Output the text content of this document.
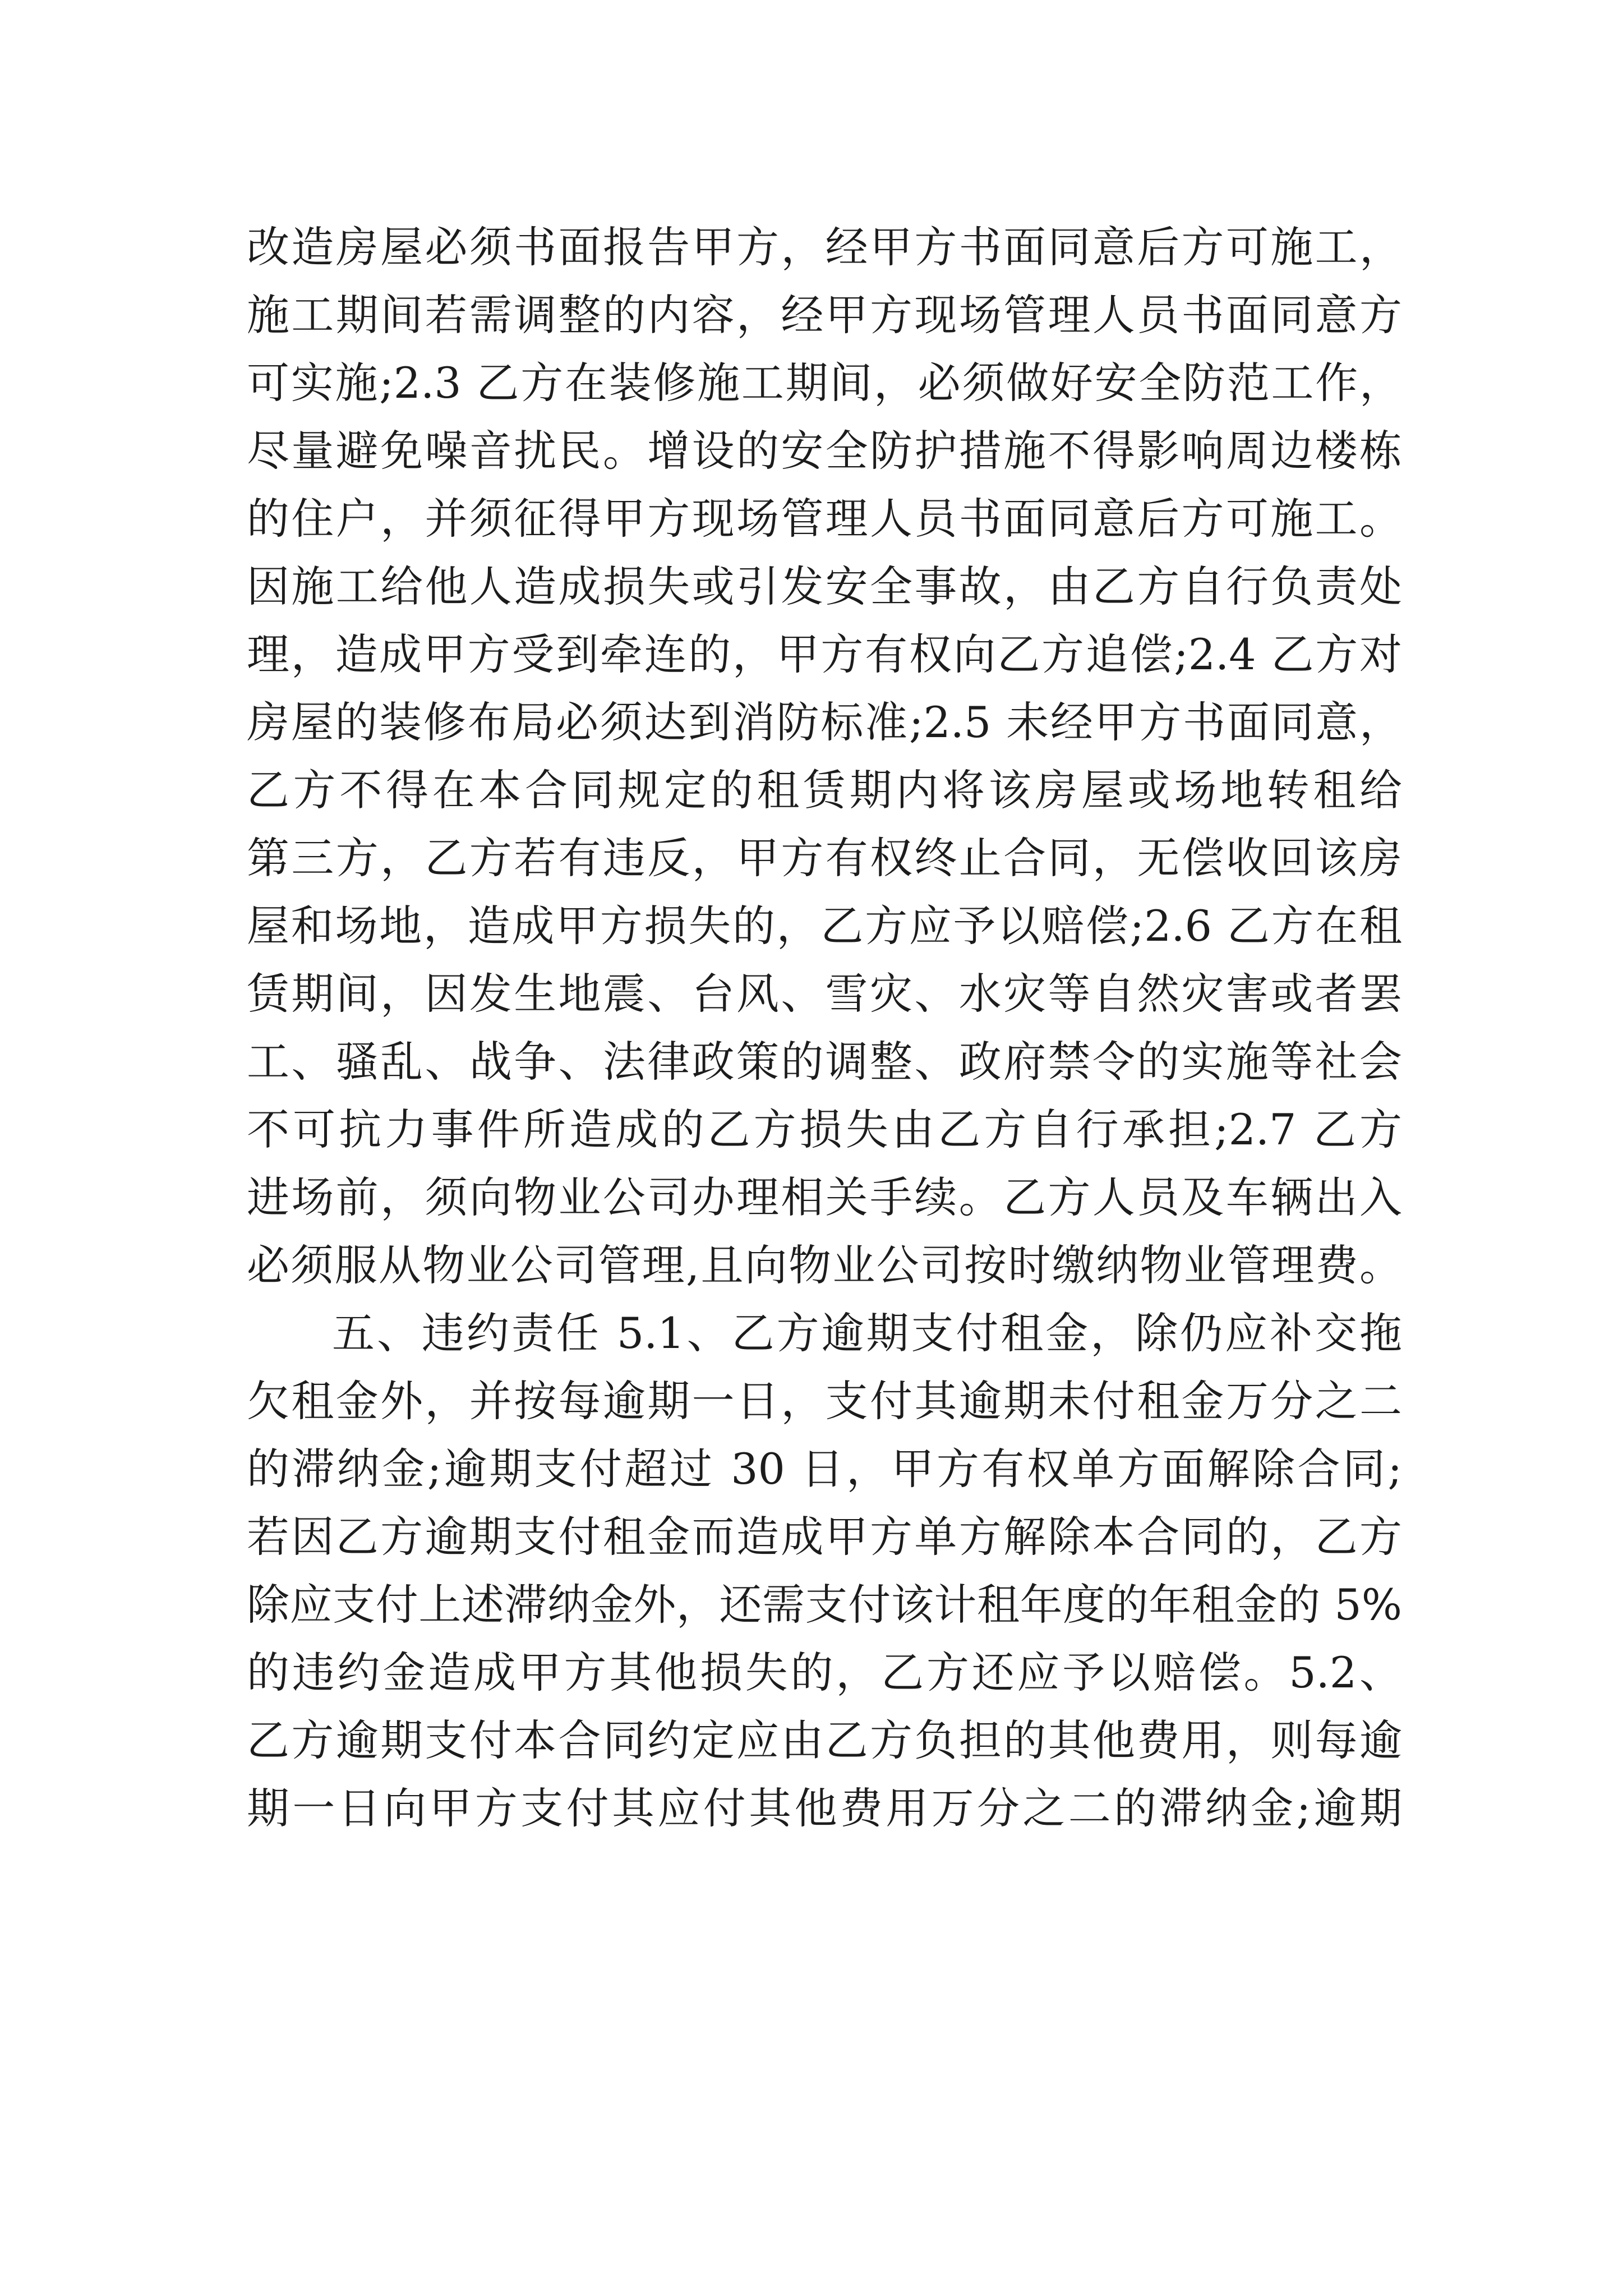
改造房屋必须书面报告甲方，经甲方书面同意后方可施工，
施工期间若需调整的内容，经甲方现场管理人员书面同意方
可实施;2.3 乙方在装修施工期间，必须做好安全防范工作，
尽量避免噪音扰民。增设的安全防护措施不得影响周边楼栋
的住户，并须征得甲方现场管理人员书面同意后方可施工。
因施工给他人造成损失或引发安全事故，由乙方自行负责处
理，造成甲方受到牵连的，甲方有权向乙方追偿;2.4 乙方对
房屋的装修布局必须达到消防标准;2.5 未经甲方书面同意，
乙方不得在本合同规定的租赁期内将该房屋或场地转租给
第三方，乙方若有违反，甲方有权终止合同，无偿收回该房
屋和场地，造成甲方损失的，乙方应予以赔偿;2.6 乙方在租
赁期间，因发生地震、台风、雪灾、水灾等自然灾害或者罢
工、骚乱、战争、法律政策的调整、政府禁令的实施等社会
不可抗力事件所造成的乙方损失由乙方自行承担;2.7 乙方
进场前，须向物业公司办理相关手续。乙方人员及车辆出入
必须服从物业公司管理,且向物业公司按时缴纳物业管理费。
五、违约责任 5.1、乙方逾期支付租金，除仍应补交拖
欠租金外，并按每逾期一日，支付其逾期未付租金万分之二
的滞纳金;逾期支付超过 30 日，甲方有权单方面解除合同;
若因乙方逾期支付租金而造成甲方单方解除本合同的，乙方
除应支付上述滞纳金外，还需支付该计租年度的年租金的 5%
的违约金造成甲方其他损失的，乙方还应予以赔偿。5.2、
乙方逾期支付本合同约定应由乙方负担的其他费用，则每逾
期一日向甲方支付其应付其他费用万分之二的滞纳金;逾期
